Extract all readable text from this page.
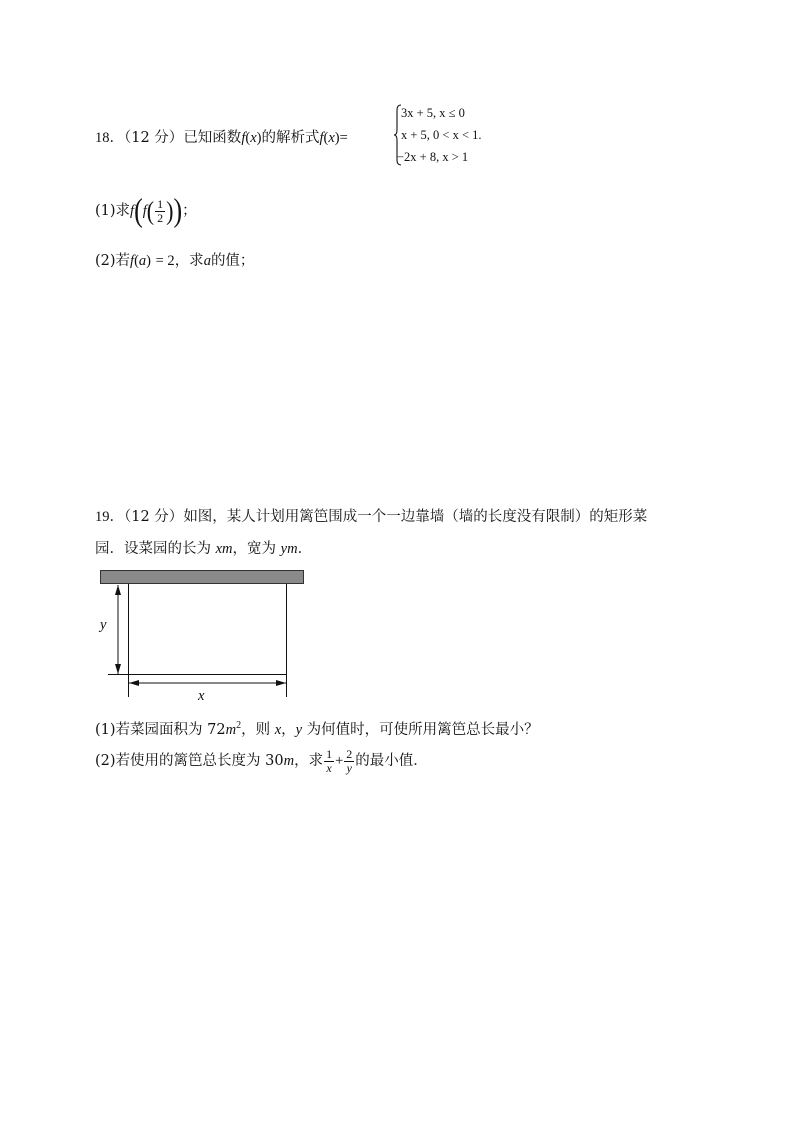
18．（12 分）已知函数f(x)的解析式f(x)=
3x + 5, x ≤ 0
x + 5, 0 < x < 1.
−2x + 8, x > 1
(1)求$f(f( \frac{1}{2}$ ))；
(2)若f(a) = 2，求a的值；
19．（12 分）如图，某人计划用篱笆围成一个一边靠墙（墙的长度没有限制）的矩形菜
园．设菜园的长为 xm，宽为 ym．
y
x
(1)若菜园面积为 $72m^2$，则 x，y 为何值时，可使所用篱笆总长最小？
(2)若使用的篱笆总长度为 30m，求 $\frac{1}{x} + \frac{2}{y}$ 的最小值．
